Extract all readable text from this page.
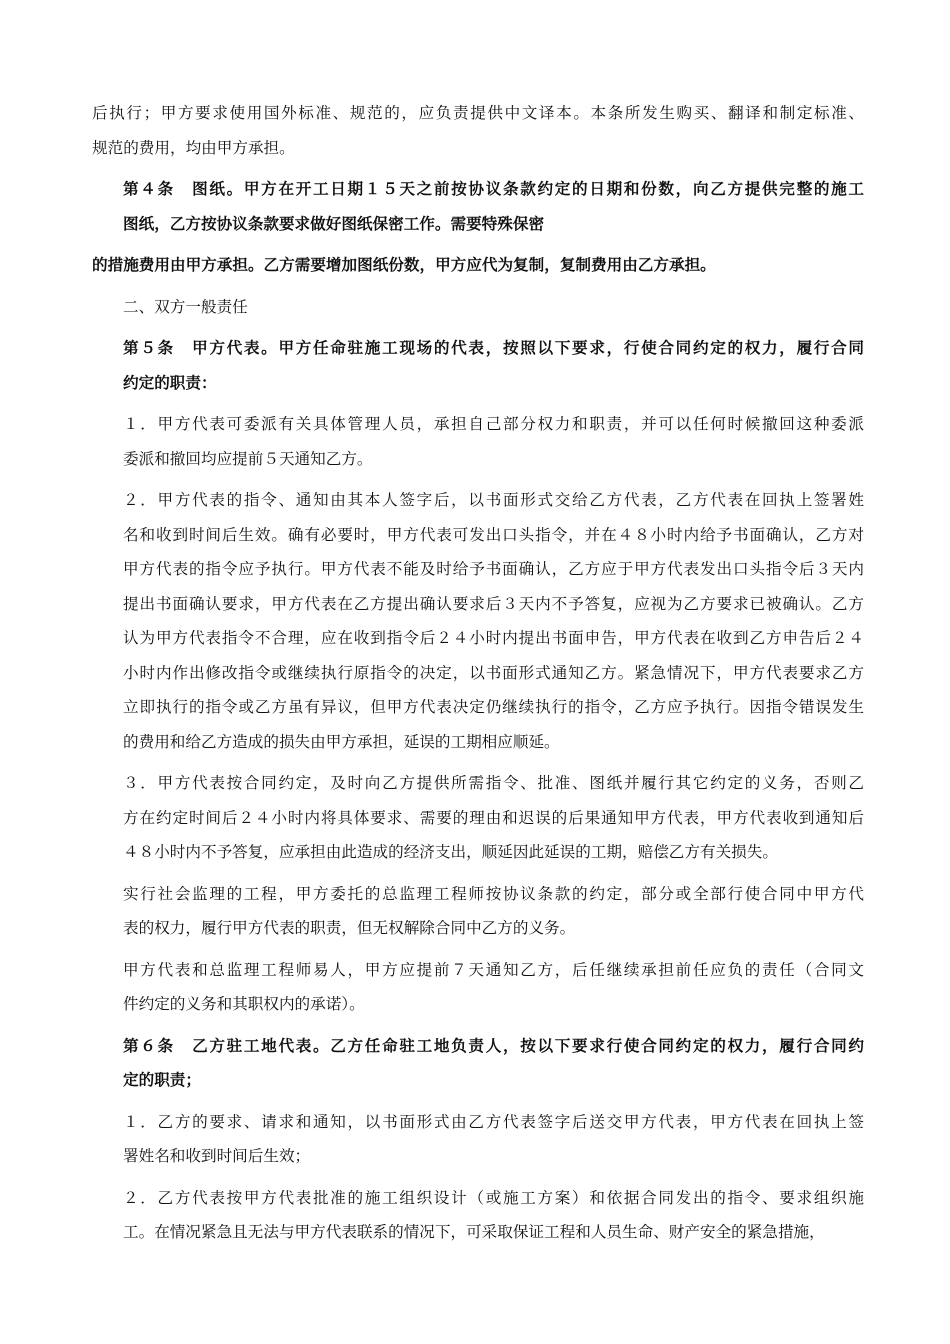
后执行；甲方要求使用国外标准、规范的，应负责提供中文译本。本条所发生购买、翻译和制定标准、
规范的费用，均由甲方承担。

第４条　图纸。甲方在开工日期１５天之前按协议条款约定的日期和份数，向乙方提供完整的施工
图纸，乙方按协议条款要求做好图纸保密工作。需要特殊保密

的措施费用由甲方承担。乙方需要增加图纸份数，甲方应代为复制，复制费用由乙方承担。

二、双方一般责任

第５条　甲方代表。甲方任命驻施工现场的代表，按照以下要求，行使合同约定的权力，履行合同
约定的职责：

１．甲方代表可委派有关具体管理人员，承担自己部分权力和职责，并可以任何时候撤回这种委派
委派和撤回均应提前５天通知乙方。

２．甲方代表的指令、通知由其本人签字后，以书面形式交给乙方代表，乙方代表在回执上签署姓
名和收到时间后生效。确有必要时，甲方代表可发出口头指令，并在４８小时内给予书面确认，乙方对
甲方代表的指令应予执行。甲方代表不能及时给予书面确认，乙方应于甲方代表发出口头指令后３天内
提出书面确认要求，甲方代表在乙方提出确认要求后３天内不予答复，应视为乙方要求已被确认。乙方
认为甲方代表指令不合理，应在收到指令后２４小时内提出书面申告，甲方代表在收到乙方申告后２４
小时内作出修改指令或继续执行原指令的决定，以书面形式通知乙方。紧急情况下，甲方代表要求乙方
立即执行的指令或乙方虽有异议，但甲方代表决定仍继续执行的指令，乙方应予执行。因指令错误发生
的费用和给乙方造成的损失由甲方承担，延误的工期相应顺延。

３．甲方代表按合同约定，及时向乙方提供所需指令、批准、图纸并履行其它约定的义务，否则乙
方在约定时间后２４小时内将具体要求、需要的理由和迟误的后果通知甲方代表，甲方代表收到通知后
４８小时内不予答复，应承担由此造成的经济支出，顺延因此延误的工期，赔偿乙方有关损失。

实行社会监理的工程，甲方委托的总监理工程师按协议条款的约定，部分或全部行使合同中甲方代
表的权力，履行甲方代表的职责，但无权解除合同中乙方的义务。

甲方代表和总监理工程师易人，甲方应提前７天通知乙方，后任继续承担前任应负的责任（合同文
件约定的义务和其职权内的承诺）。

第６条　乙方驻工地代表。乙方任命驻工地负责人，按以下要求行使合同约定的权力，履行合同约
定的职责；

１．乙方的要求、请求和通知，以书面形式由乙方代表签字后送交甲方代表，甲方代表在回执上签
署姓名和收到时间后生效；

２．乙方代表按甲方代表批准的施工组织设计（或施工方案）和依据合同发出的指令、要求组织施
工。在情况紧急且无法与甲方代表联系的情况下，可采取保证工程和人员生命、财产安全的紧急措施，
